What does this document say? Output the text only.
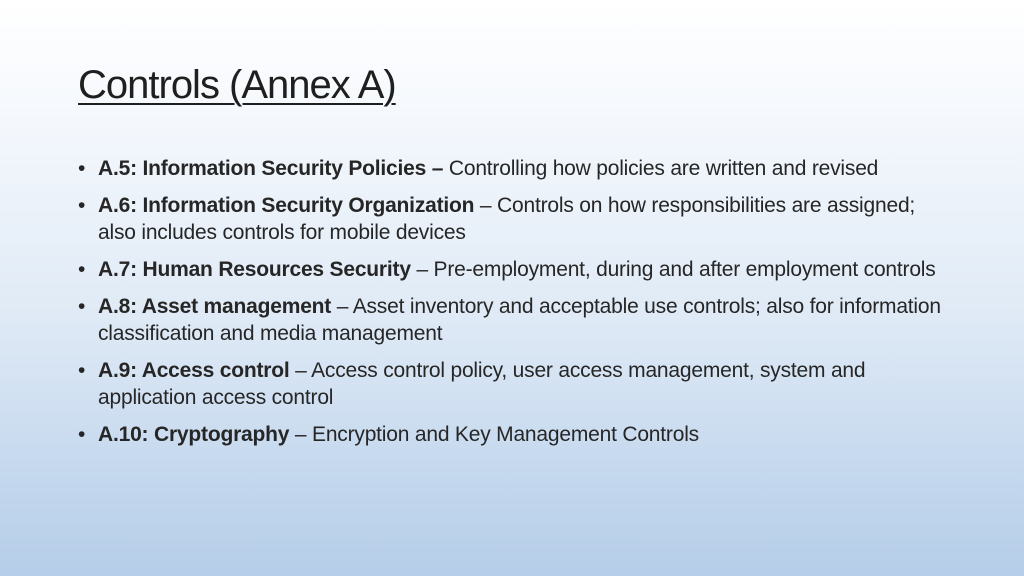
Controls (Annex A)
• A.5: Information Security Policies – Controlling how policies are written and revised
• A.6: Information Security Organization – Controls on how responsibilities are assigned; also includes controls for mobile devices
• A.7: Human Resources Security – Pre-employment, during and after employment controls
• A.8: Asset management – Asset inventory and acceptable use controls; also for information classification and media management
• A.9: Access control – Access control policy, user access management, system and application access control
• A.10: Cryptography – Encryption and Key Management Controls
